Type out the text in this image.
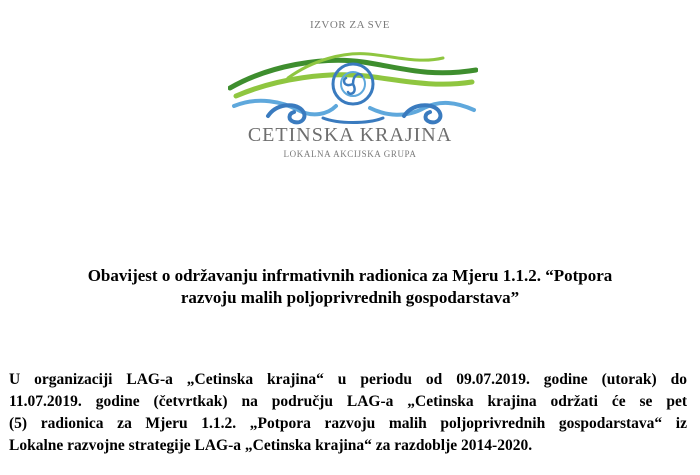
IZVOR ZA SVE
CETINSKA KRAJINA
LOKALNA AKCIJSKA GRUPA
Obavijest o održavanju infrmativnih radionica za Mjeru 1.1.2. “Potpora
razvoju malih poljoprivrednih gospodarstava”

U organizaciji LAG-a „Cetinska krajina“ u periodu od 09.07.2019. godine (utorak) do
11.07.2019. godine (četvrtkak) na području LAG-a „Cetinska krajina održati će se pet
(5) radionica za Mjeru 1.1.2. „Potpora razvoju malih poljoprivrednih gospodarstava“ iz
Lokalne razvojne strategije LAG-a „Cetinska krajina“ za razdoblje 2014-2020.
